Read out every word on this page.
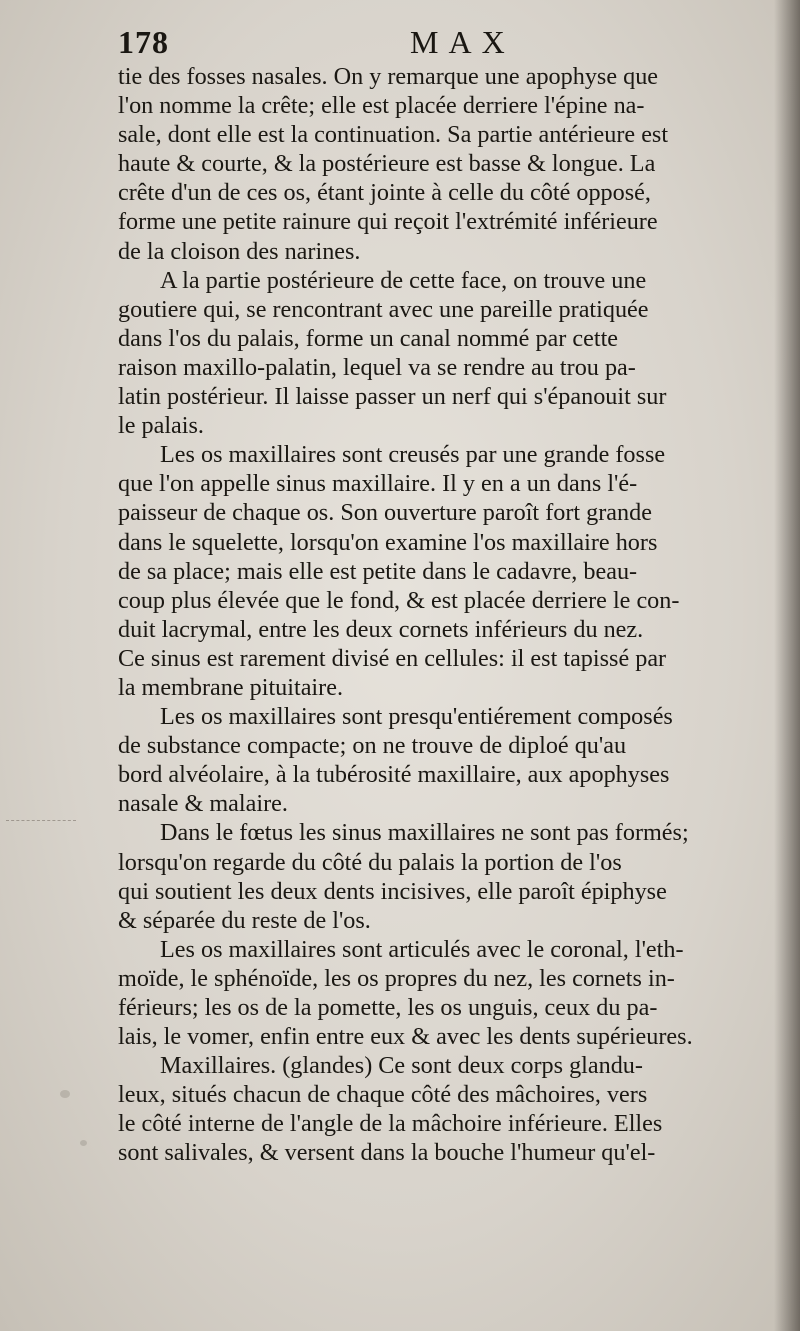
178	MAX
tie des fosses nasales. On y remarque une apophyse que
l'on nomme la crête; elle est placée derriere l'épine na-
sale, dont elle est la continuation. Sa partie antérieure est
haute & courte, & la postérieure est basse & longue. La
crête d'un de ces os, étant jointe à celle du côté opposé,
forme une petite rainure qui reçoit l'extrémité inférieure
de la cloison des narines.
A la partie postérieure de cette face, on trouve une
goutiere qui, se rencontrant avec une pareille pratiquée
dans l'os du palais, forme un canal nommé par cette
raison maxillo-palatin, lequel va se rendre au trou pa-
latin postérieur. Il laisse passer un nerf qui s'épanouit sur
le palais.
Les os maxillaires sont creusés par une grande fosse
que l'on appelle sinus maxillaire. Il y en a un dans l'é-
paisseur de chaque os. Son ouverture paroît fort grande
dans le squelette, lorsqu'on examine l'os maxillaire hors
de sa place; mais elle est petite dans le cadavre, beau-
coup plus élevée que le fond, & est placée derriere le con-
duit lacrymal, entre les deux cornets inférieurs du nez.
Ce sinus est rarement divisé en cellules: il est tapissé par
la membrane pituitaire.
Les os maxillaires sont presqu'entiérement composés
de substance compacte; on ne trouve de diploé qu'au
bord alvéolaire, à la tubérosité maxillaire, aux apophyses
nasale & malaire.
Dans le fœtus les sinus maxillaires ne sont pas formés;
lorsqu'on regarde du côté du palais la portion de l'os
qui soutient les deux dents incisives, elle paroît épiphyse
& séparée du reste de l'os.
Les os maxillaires sont articulés avec le coronal, l'eth-
moïde, le sphénoïde, les os propres du nez, les cornets in-
férieurs; les os de la pomette, les os unguis, ceux du pa-
lais, le vomer, enfin entre eux & avec les dents supérieures.
Maxillaires. (glandes) Ce sont deux corps glandu-
leux, situés chacun de chaque côté des mâchoires, vers
le côté interne de l'angle de la mâchoire inférieure. Elles
sont salivales, & versent dans la bouche l'humeur qu'el-
